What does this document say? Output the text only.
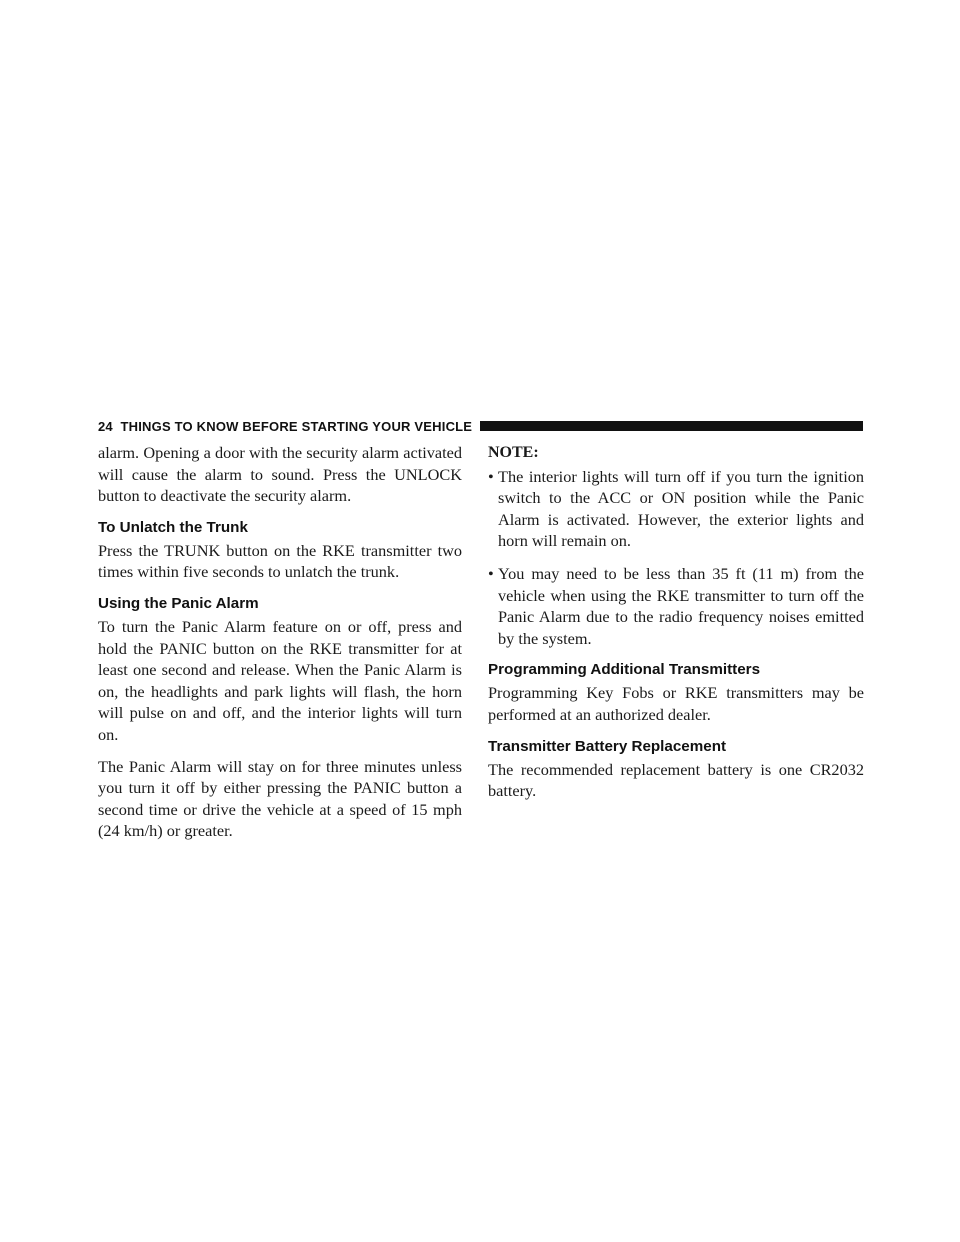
24 THINGS TO KNOW BEFORE STARTING YOUR VEHICLE

alarm. Opening a door with the security alarm activated will cause the alarm to sound. Press the UNLOCK button to deactivate the security alarm.

To Unlatch the Trunk

Press the TRUNK button on the RKE transmitter two times within five seconds to unlatch the trunk.

Using the Panic Alarm

To turn the Panic Alarm feature on or off, press and hold the PANIC button on the RKE transmitter for at least one second and release. When the Panic Alarm is on, the headlights and park lights will flash, the horn will pulse on and off, and the interior lights will turn on.

The Panic Alarm will stay on for three minutes unless you turn it off by either pressing the PANIC button a second time or drive the vehicle at a speed of 15 mph (24 km/h) or greater.

NOTE:
• The interior lights will turn off if you turn the ignition switch to the ACC or ON position while the Panic Alarm is activated. However, the exterior lights and horn will remain on.
• You may need to be less than 35 ft (11 m) from the vehicle when using the RKE transmitter to turn off the Panic Alarm due to the radio frequency noises emitted by the system.
Programming Additional Transmitters

Programming Key Fobs or RKE transmitters may be performed at an authorized dealer.

Transmitter Battery Replacement

The recommended replacement battery is one CR2032 battery.
